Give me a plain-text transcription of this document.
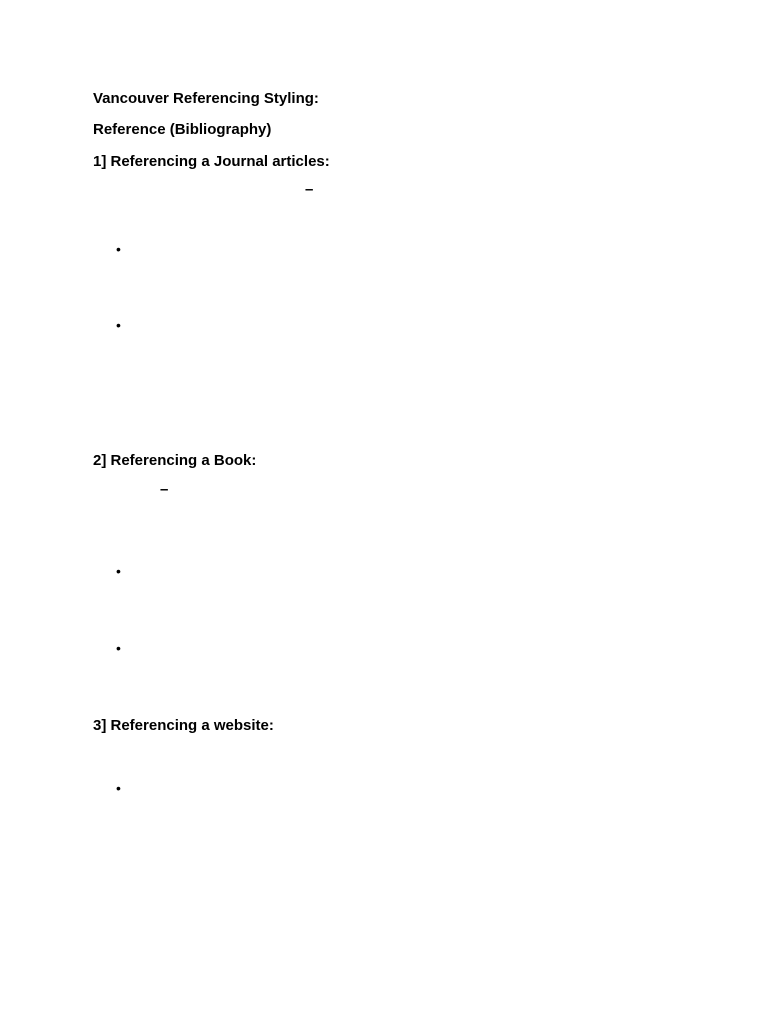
Vancouver Referencing Styling:
Reference (Bibliography)
1] Referencing a Journal articles:
–
•
•
2] Referencing a Book:
–
•
•
3] Referencing a website:
•
